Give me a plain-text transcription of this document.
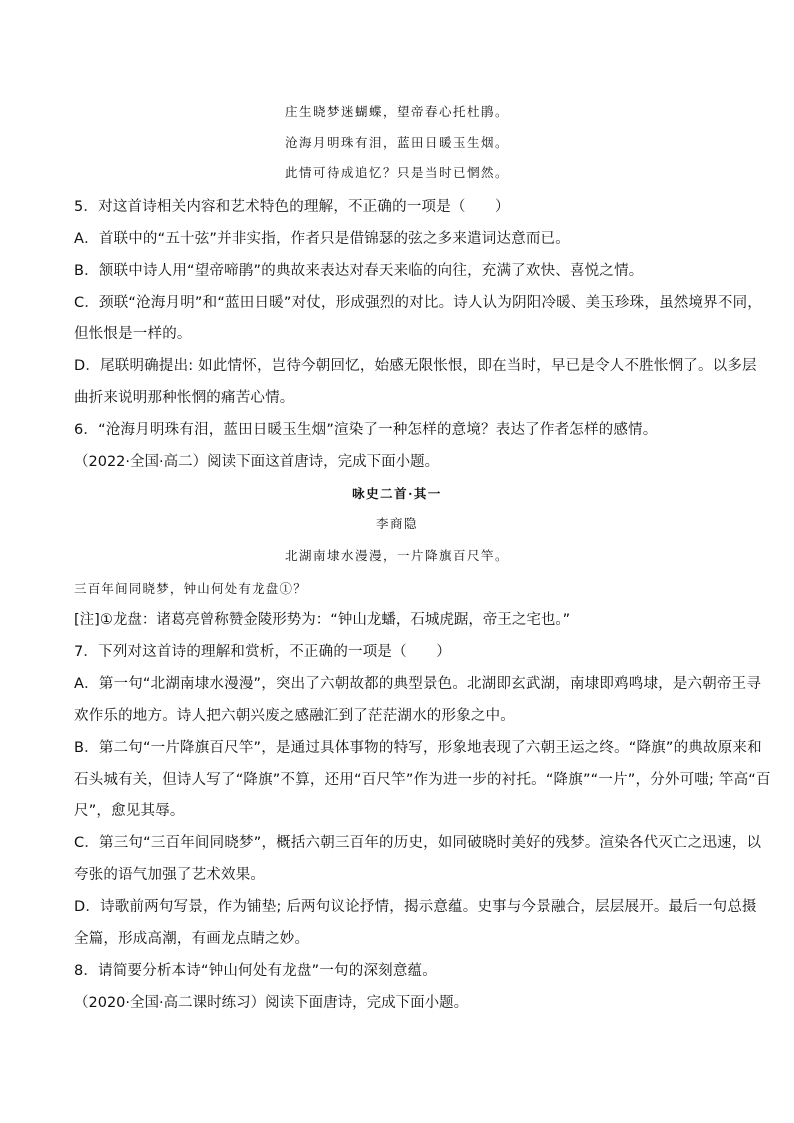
庄生晓梦迷蝴蝶，望帝春心托杜鹃。
沧海月明珠有泪，蓝田日暖玉生烟。
此情可待成追忆？只是当时已惘然。
5．对这首诗相关内容和艺术特色的理解，不正确的一项是（　　）
A．首联中的“五十弦”并非实指，作者只是借锦瑟的弦之多来遣词达意而已。
B．颔联中诗人用“望帝啼鹃”的典故来表达对春天来临的向往，充满了欢快、喜悦之情。
C．颈联“沧海月明”和“蓝田日暖”对仗，形成强烈的对比。诗人认为阴阳冷暖、美玉珍珠，虽然境界不同，
但怅恨是一样的。
D．尾联明确提出: 如此情怀，岂待今朝回忆，始感无限怅恨，即在当时，早已是令人不胜怅惘了。以多层
曲折来说明那种怅惘的痛苦心情。
6．“沧海月明珠有泪，蓝田日暖玉生烟”渲染了一种怎样的意境？表达了作者怎样的感情。
（2022·全国·高二）阅读下面这首唐诗，完成下面小题。
咏史二首·其一
李商隐
北湖南埭水漫漫，一片降旗百尺竿。
三百年间同晓梦，钟山何处有龙盘①？
[注]①龙盘：诸葛亮曾称赞金陵形势为：“钟山龙蟠，石城虎踞，帝王之宅也。”
7．下列对这首诗的理解和赏析，不正确的一项是（　　）
A．第一句“北湖南埭水漫漫”，突出了六朝故都的典型景色。北湖即玄武湖，南埭即鸡鸣埭，是六朝帝王寻
欢作乐的地方。诗人把六朝兴废之感融汇到了茫茫湖水的形象之中。
B．第二句“一片降旗百尺竿”，是通过具体事物的特写，形象地表现了六朝王运之终。“降旗”的典故原来和
石头城有关，但诗人写了“降旗”不算，还用“百尺竿”作为进一步的衬托。“降旗”“一片”，分外可嗤; 竿高“百
尺”，愈见其辱。
C．第三句“三百年间同晓梦”，概括六朝三百年的历史，如同破晓时美好的残梦。渲染各代灭亡之迅速，以
夸张的语气加强了艺术效果。
D．诗歌前两句写景，作为铺垫; 后两句议论抒情，揭示意蕴。史事与今景融合，层层展开。最后一句总摄
全篇，形成高潮，有画龙点睛之妙。
8．请简要分析本诗“钟山何处有龙盘”一句的深刻意蕴。
（2020·全国·高二课时练习）阅读下面唐诗，完成下面小题。
